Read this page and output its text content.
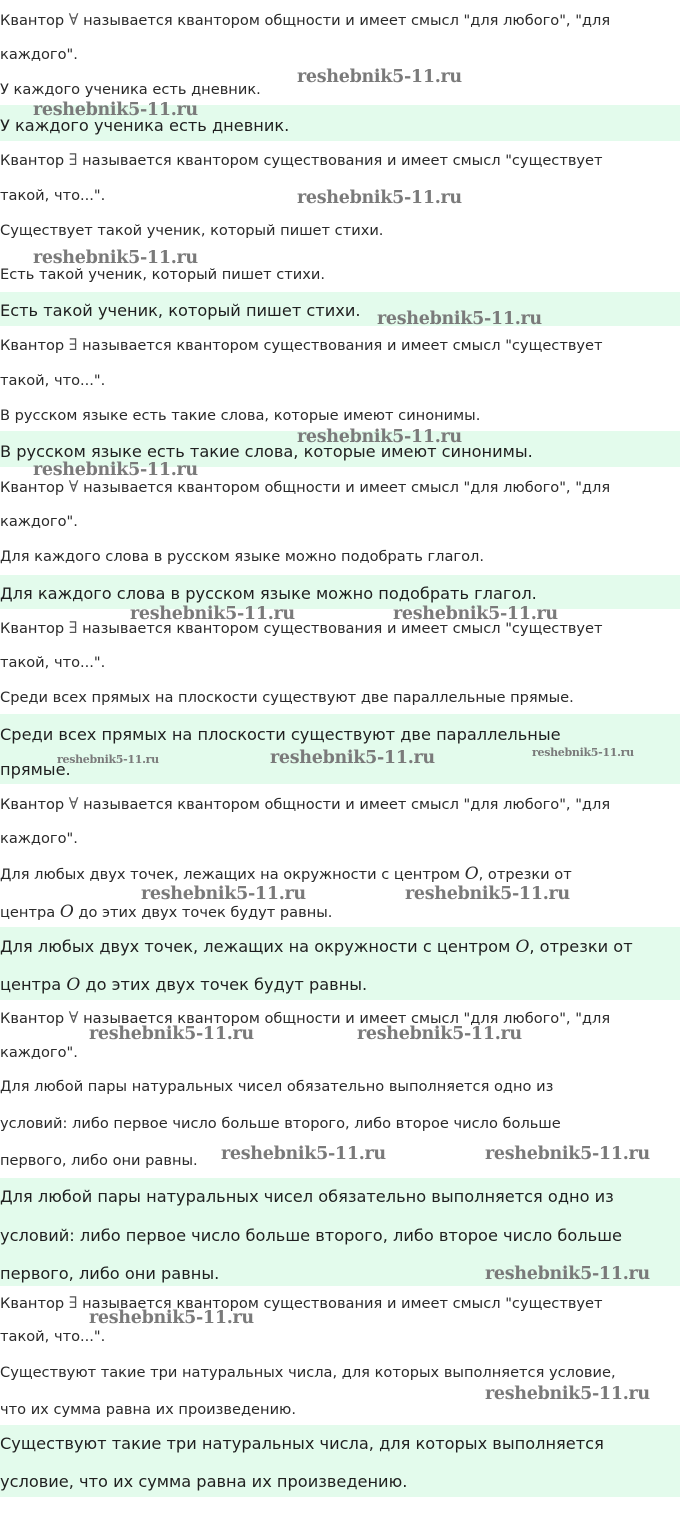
Квантор ∀ называется квантором общности и имеет смысл "для любого", "для
каждого".
У каждого ученика есть дневник.
У каждого ученика есть дневник.
Квантор ∃ называется квантором существования и имеет смысл "существует
такой, что...".
Существует такой ученик, который пишет стихи.
Есть такой ученик, который пишет стихи.
Есть такой ученик, который пишет стихи.
Квантор ∃ называется квантором существования и имеет смысл "существует
такой, что...".
В русском языке есть такие слова, которые имеют синонимы.
В русском языке есть такие слова, которые имеют синонимы.
Квантор ∀ называется квантором общности и имеет смысл "для любого", "для
каждого".
Для каждого слова в русском языке можно подобрать глагол.
Для каждого слова в русском языке можно подобрать глагол.
Квантор ∃ называется квантором существования и имеет смысл "существует
такой, что...".
Среди всех прямых на плоскости существуют две параллельные прямые.
Среди всех прямых на плоскости существуют две параллельные
прямые.
Квантор ∀ называется квантором общности и имеет смысл "для любого", "для
каждого".
Для любых двух точек, лежащих на окружности с центром O, отрезки от
центра O до этих двух точек будут равны.
Для любых двух точек, лежащих на окружности с центром O, отрезки от
центра O до этих двух точек будут равны.
Квантор ∀ называется квантором общности и имеет смысл "для любого", "для
каждого".
Для любой пары натуральных чисел обязательно выполняется одно из
условий: либо первое число больше второго, либо второе число больше
первого, либо они равны.
Для любой пары натуральных чисел обязательно выполняется одно из
условий: либо первое число больше второго, либо второе число больше
первого, либо они равны.
Квантор ∃ называется квантором существования и имеет смысл "существует
такой, что...".
Существуют такие три натуральных числа, для которых выполняется условие,
что их сумма равна их произведению.
Существуют такие три натуральных числа, для которых выполняется
условие, что их сумма равна их произведению.
reshebnik5-11.ru
reshebnik5-11.ru
reshebnik5-11.ru
reshebnik5-11.ru
reshebnik5-11.ru
reshebnik5-11.ru
reshebnik5-11.ru
reshebnik5-11.ru	reshebnik5-11.ru
reshebnik5-11.ru	reshebnik5-11.ru	reshebnik5-11.ru
reshebnik5-11.ru	reshebnik5-11.ru
reshebnik5-11.ru	reshebnik5-11.ru
reshebnik5-11.ru	reshebnik5-11.ru
reshebnik5-11.ru
reshebnik5-11.ru
reshebnik5-11.ru
